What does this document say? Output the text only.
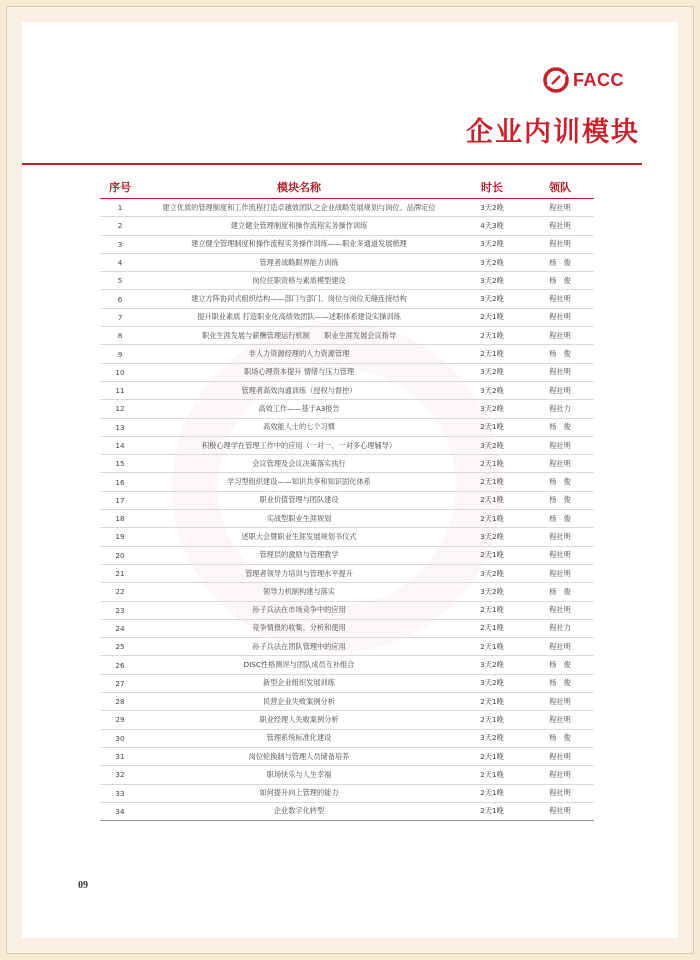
FACC
企业内训模块
序号	模块名称	时长	领队
1	建立优质的管理制度和工作流程打造卓越效团队之企业战略发展规划与岗位、品牌定位	3天2晚	程社明
2	建立健全管理制度和操作流程实务操作训练	4天3晚	程社明
3	建立健全管理制度和操作流程实务操作训练——职业多通道发展梳理	3天2晚	程社明
4	管理者战略眼界能力训练	3天2晚	杨　俊
5	岗位任职资格与素质模型建设	3天2晚	杨　俊
6	建立方阵协同式组织结构——部门与部门、岗位与岗位无缝连接结构	3天2晚	程社明
7	提升职业素质 打造职业化高绩效团队——述职体系建设实操训练	2天1晚	程社明
8	职业生涯发展与薪酬管理运行机制　　职业生涯发展会议指导	2天1晚	程社明
9	非人力资源经理的人力资源管理	2天1晚	杨　俊
10	职场心理资本提升 情绪与压力管理	3天2晚	程社明
11	管理者高效沟通训练（授权与督控）	3天2晚	程社明
12	高效工作——基于A3报告	3天2晚	程社力
13	高效能人士的七个习惯	2天1晚	杨　俊
14	积极心理学在管理工作中的应用（一对一、一对多心理辅导）	3天2晚	程社明
15	会议管理及会议决策落实执行	2天1晚	程社明
16	学习型组织建设——知识共享和知识固化体系	2天1晚	杨　俊
17	职业价值管理与团队建设	2天1晚	杨　俊
18	实战型职业生涯规划	2天1晚	杨　俊
19	述职大会暨职业生涯发展规划书仪式	3天2晚	程社明
20	管理层的激励与管理教学	2天1晚	程社明
21	管理者领导力培训与管理水平提升	3天2晚	程社明
22	领导力机制构建与落实	3天2晚	杨　俊
23	孙子兵法在市场竞争中的应用	2天1晚	程社明
24	竞争情报的收集、分析和使用	2天1晚	程社力
25	孙子兵法在团队管理中的应用	2天1晚	程社明
26	DISC性格测评与团队成员互补组合	3天2晚	杨　俊
27	新型企业组织发展训练	3天2晚	杨　俊
28	民营企业失败案例分析	2天1晚	程社明
29	职业经理人失败案例分析	2天1晚	程社明
30	管理系统标准化建设	3天2晚	杨　俊
31	岗位轮换制与管理人员储备培养	2天1晚	程社明
32	职场快乐与人生幸福	2天1晚	程社明
33	如何提升向上管理的能力	2天1晚	程社明
34	企业数字化转型	2天1晚	程社明
09
